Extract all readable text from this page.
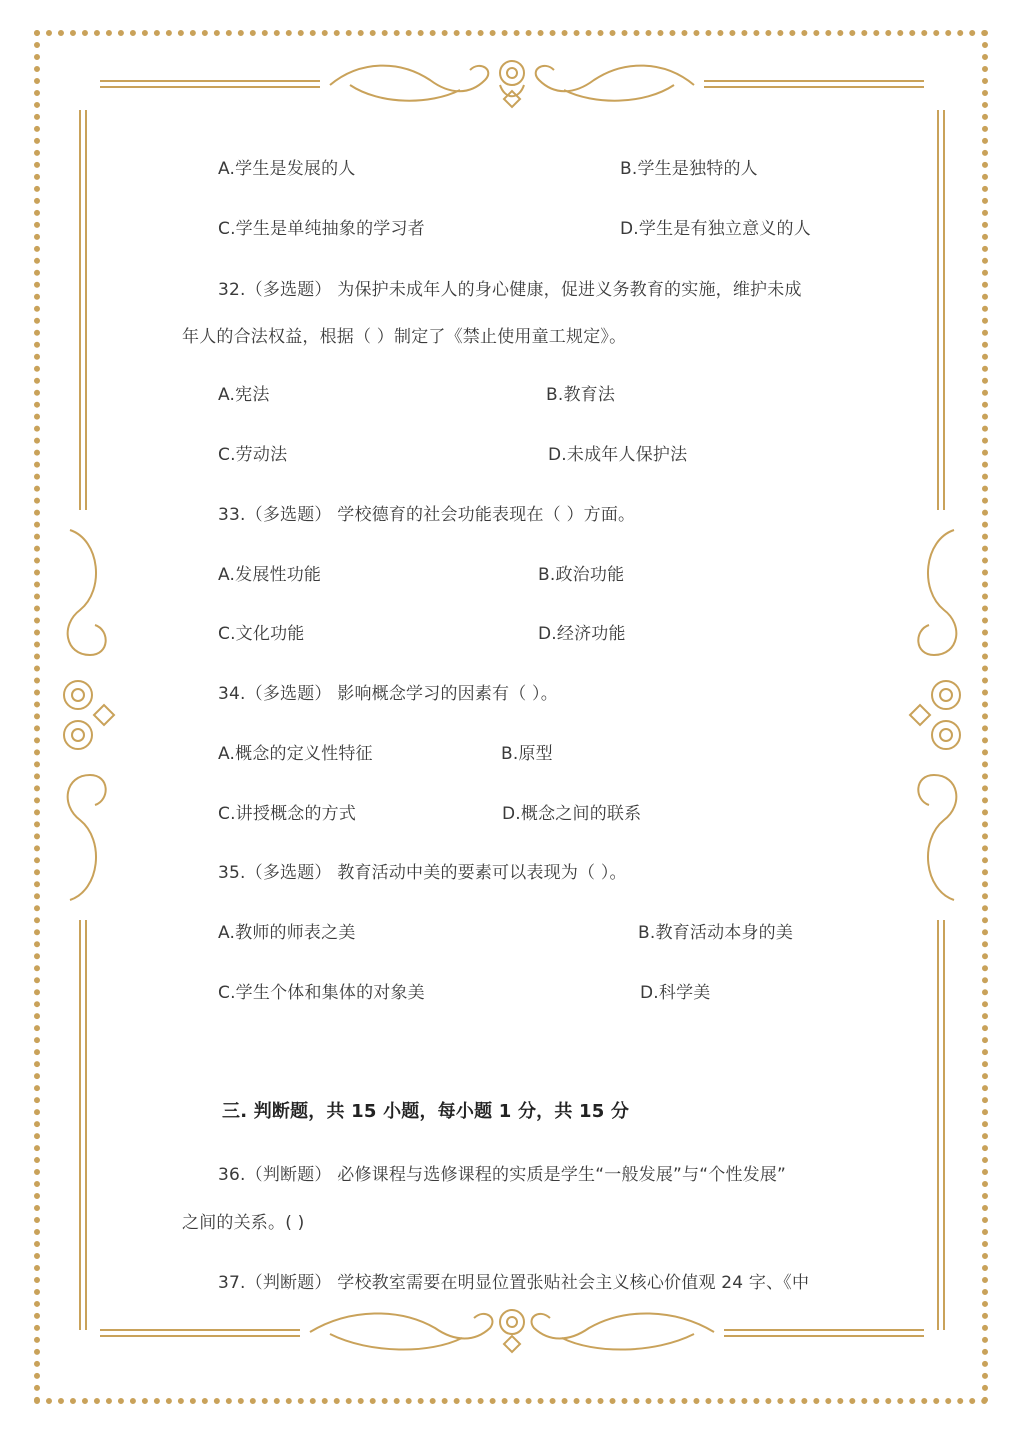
A.学生是发展的人	B.学生是独特的人
C.学生是单纯抽象的学习者	D.学生是有独立意义的人
32.（多选题） 为保护未成年人的身心健康，促进义务教育的实施，维护未成
年人的合法权益，根据（ ）制定了《禁止使用童工规定》。
A.宪法	B.教育法
C.劳动法	D.未成年人保护法
33.（多选题） 学校德育的社会功能表现在（ ）方面。
A.发展性功能	B.政治功能
C.文化功能	D.经济功能
34.（多选题） 影响概念学习的因素有（ ）。
A.概念的定义性特征	B.原型
C.讲授概念的方式	D.概念之间的联系
35.（多选题） 教育活动中美的要素可以表现为（ ）。
A.教师的师表之美	B.教育活动本身的美
C.学生个体和集体的对象美	D.科学美
三. 判断题，共 15 小题，每小题 1 分，共 15 分
36.（判断题） 必修课程与选修课程的实质是学生“一般发展”与“个性发展”
之间的关系。( )
37.（判断题） 学校教室需要在明显位置张贴社会主义核心价值观 24 字、《中
